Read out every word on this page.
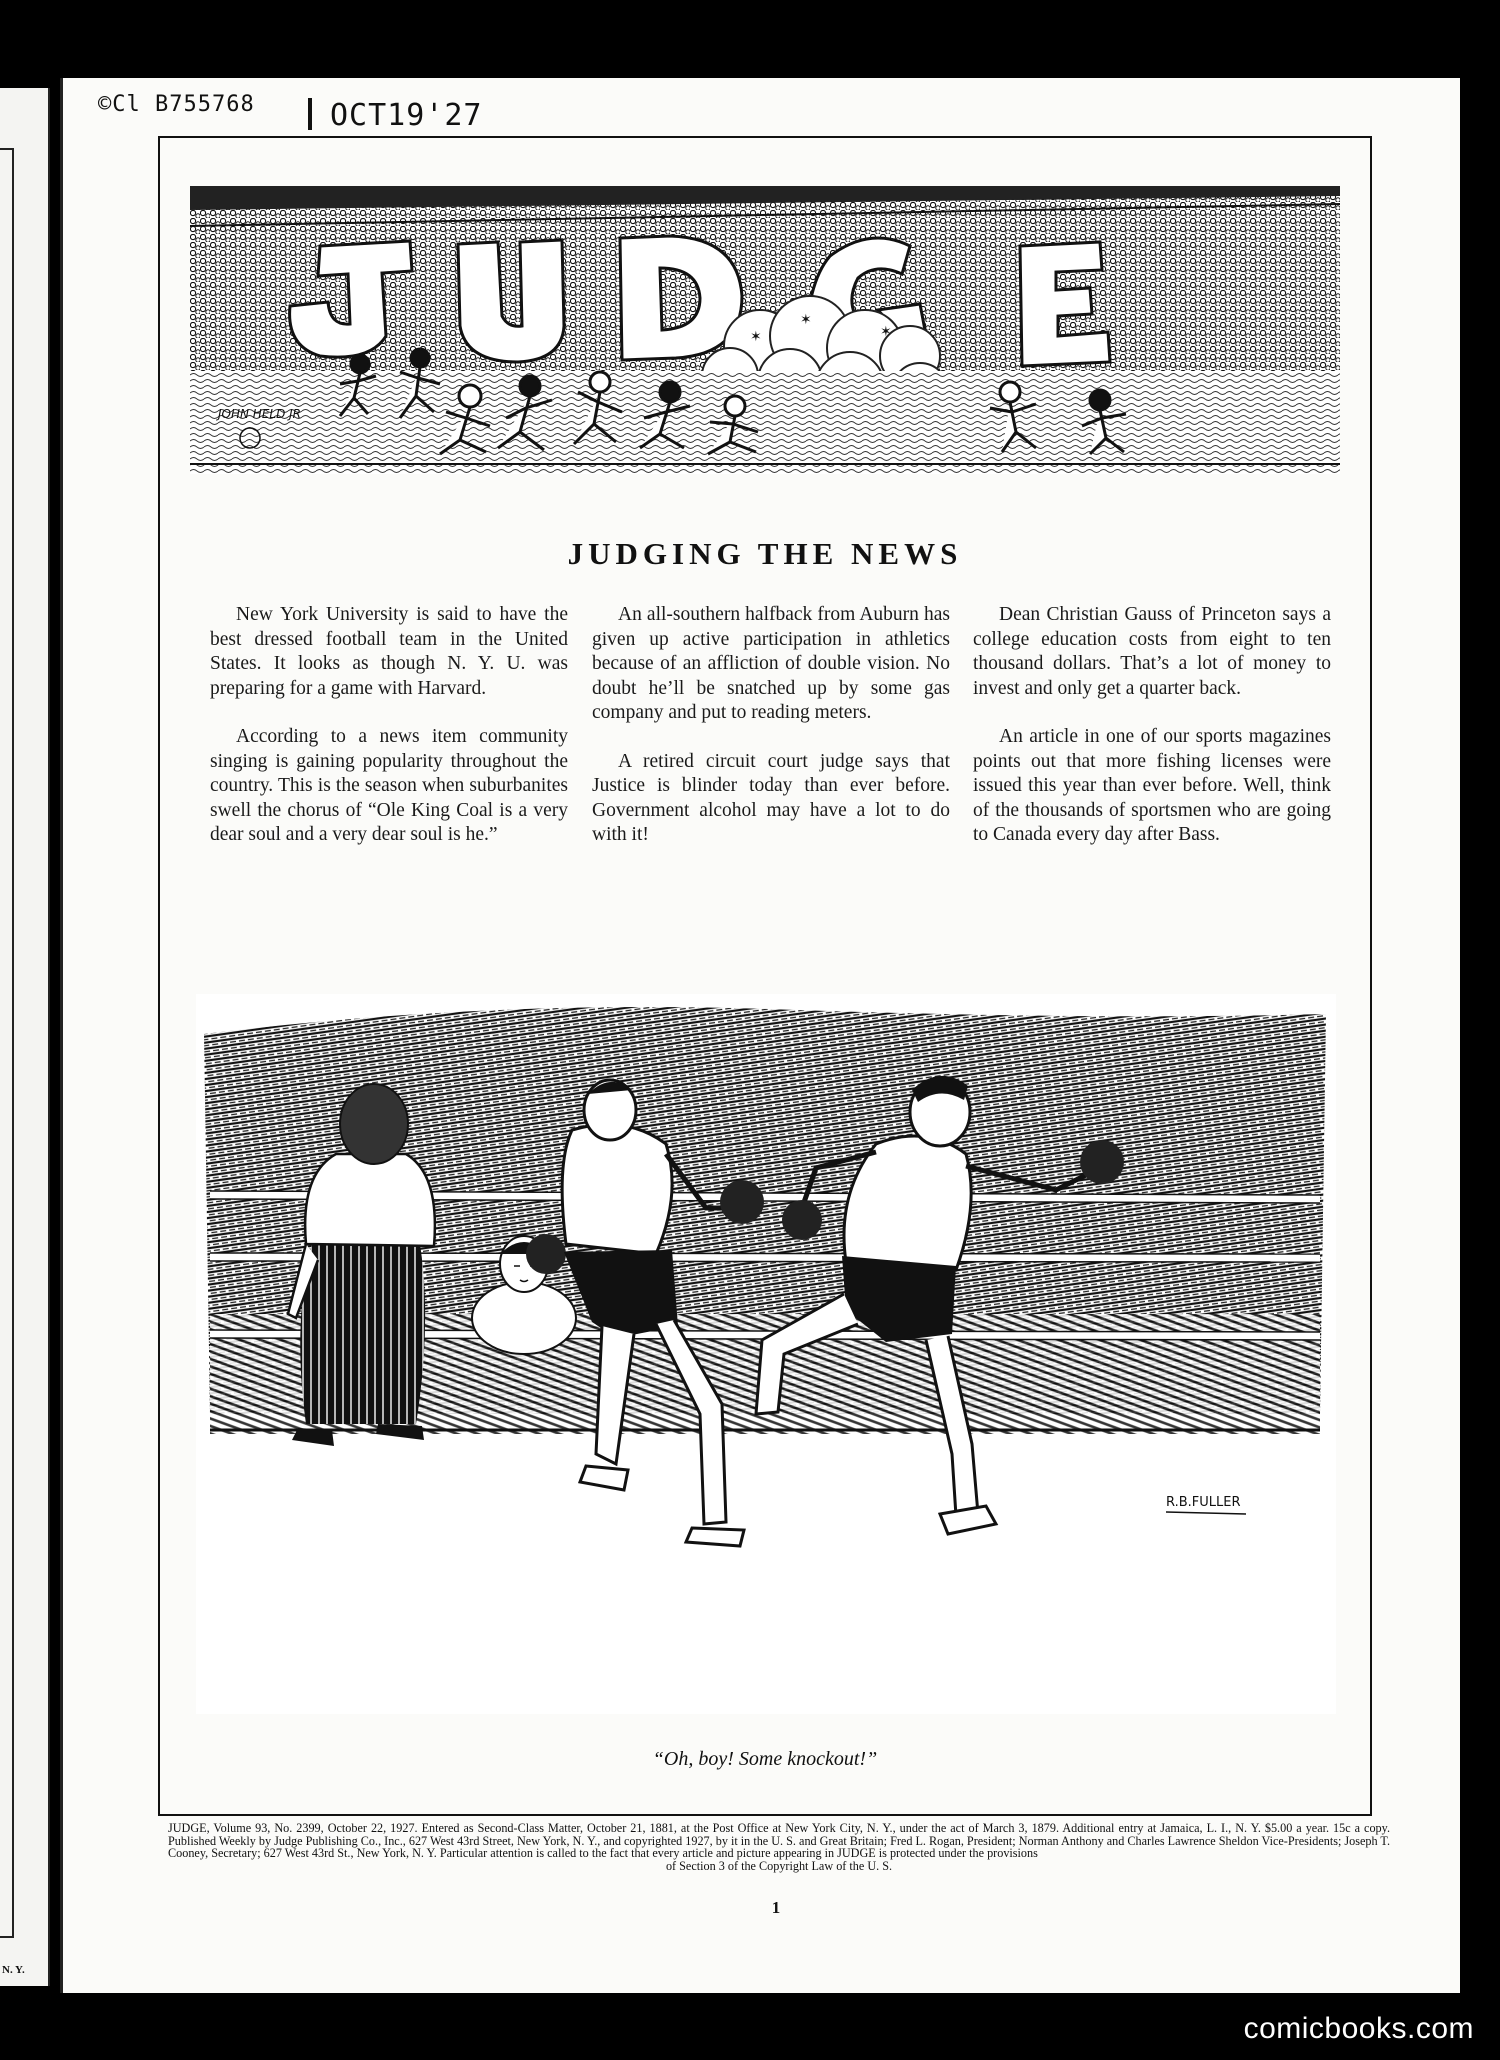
N. Y.
©Cl B755768	OCT19'27
✶
✶
✶
JOHN HELD JR
JUDGING THE NEWS

New York University is said to have the best dressed football team in the United States. It looks as though N. Y. U. was preparing for a game with Harvard.

According to a news item community singing is gaining popularity throughout the country. This is the season when suburbanites swell the chorus of “Ole King Coal is a very dear soul and a very dear soul is he.”

An all-southern halfback from Auburn has given up active participation in athletics because of an affliction of double vision. No doubt he’ll be snatched up by some gas company and put to reading meters.

A retired circuit court judge says that Justice is blinder today than ever before. Government alcohol may have a lot to do with it!

Dean Christian Gauss of Princeton says a college education costs from eight to ten thousand dollars. That’s a lot of money to invest and only get a quarter back.

An article in one of our sports magazines points out that more fishing licenses were issued this year than ever before. Well, think of the thousands of sportsmen who are going to Canada every day after Bass.

R.B.FULLER
“Oh, boy! Some knockout!”
JUDGE, Volume 93, No. 2399, October 22, 1927. Entered as Second-Class Matter, October 21, 1881, at the Post Office at New York City, N. Y., under the act of March 3, 1879. Additional entry at Jamaica, L. I., N. Y. $5.00 a year. 15c a copy. Published Weekly by Judge Publishing Co., Inc., 627 West 43rd Street, New York, N. Y., and copyrighted 1927, by it in the U. S. and Great Britain; Fred L. Rogan, President; Norman Anthony and Charles Lawrence Sheldon Vice-Presidents; Joseph T. Cooney, Secretary; 627 West 43rd St., New York, N. Y. Particular attention is called to the fact that every article and picture appearing in JUDGE is protected under the provisions
of Section 3 of the Copyright Law of the U. S.
1
comicbooks.com
